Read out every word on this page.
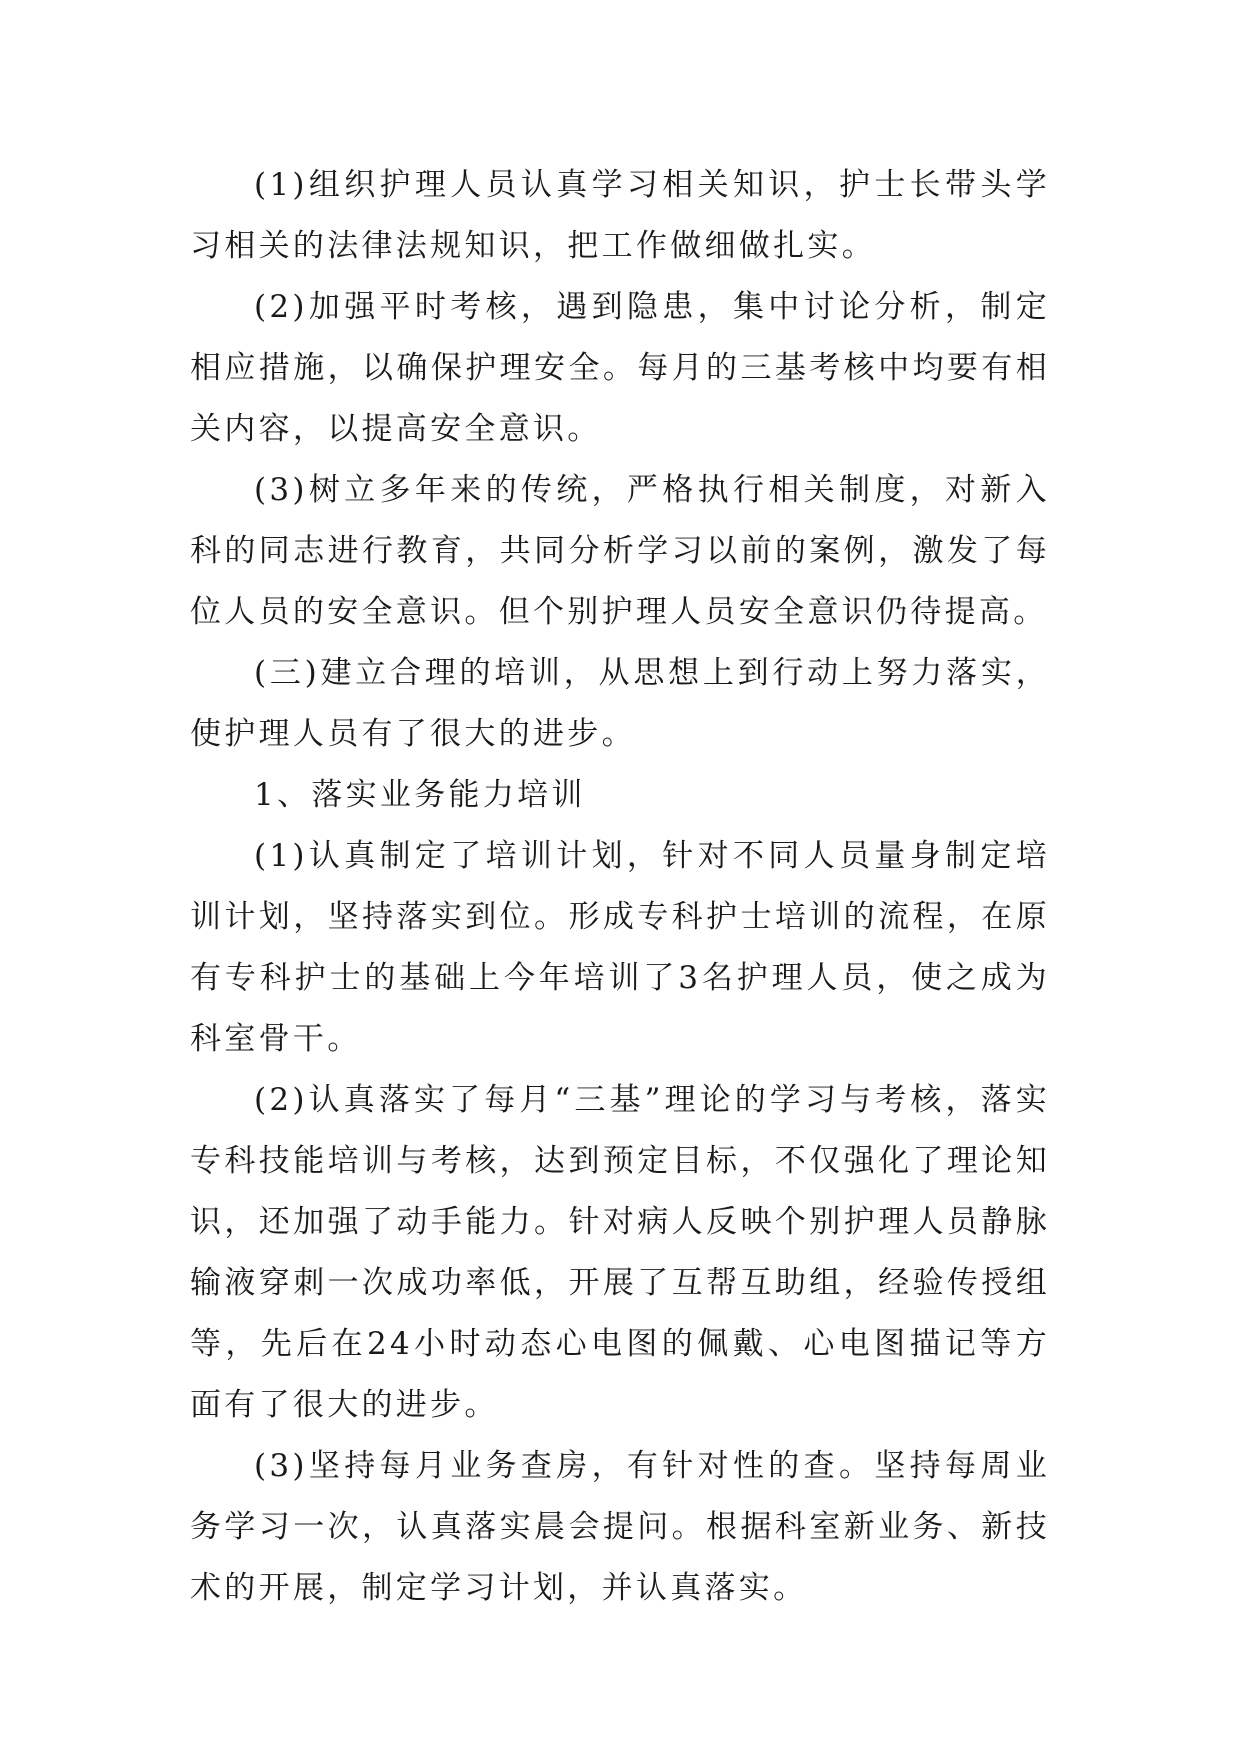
(1)组织护理人员认真学习相关知识，护士长带头学习相关的法律法规知识，把工作做细做扎实。

(2)加强平时考核，遇到隐患，集中讨论分析，制定相应措施，以确保护理安全。每月的三基考核中均要有相关内容，以提高安全意识。

(3)树立多年来的传统，严格执行相关制度，对新入科的同志进行教育，共同分析学习以前的案例，激发了每位人员的安全意识。但个别护理人员安全意识仍待提高。

(三)建立合理的培训，从思想上到行动上努力落实，使护理人员有了很大的进步。

1、落实业务能力培训

(1)认真制定了培训计划，针对不同人员量身制定培训计划，坚持落实到位。形成专科护士培训的流程，在原有专科护士的基础上今年培训了3名护理人员，使之成为科室骨干。

(2)认真落实了每月“三基”理论的学习与考核，落实专科技能培训与考核，达到预定目标，不仅强化了理论知识，还加强了动手能力。针对病人反映个别护理人员静脉输液穿刺一次成功率低，开展了互帮互助组，经验传授组等，先后在24小时动态心电图的佩戴、心电图描记等方面有了很大的进步。

(3)坚持每月业务查房，有针对性的查。坚持每周业务学习一次，认真落实晨会提问。根据科室新业务、新技术的开展，制定学习计划，并认真落实。
